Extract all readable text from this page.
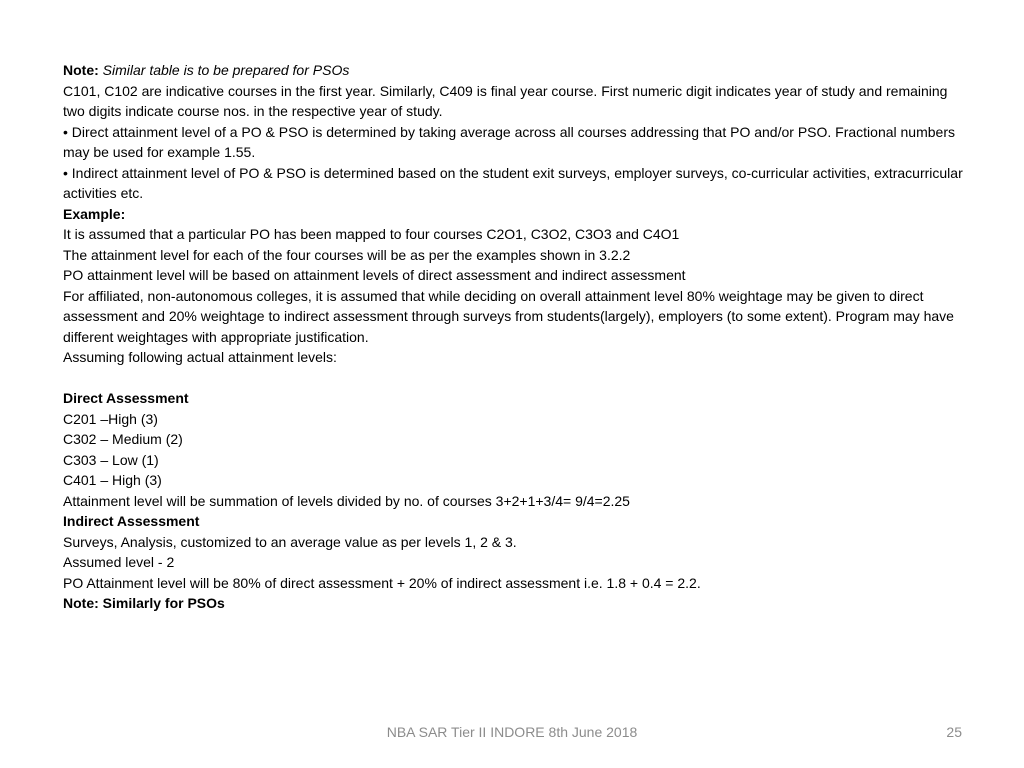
Note: Similar table is to be prepared for PSOs
C101, C102 are indicative courses in the first year. Similarly, C409 is final year course. First numeric digit indicates year of study and remaining two digits indicate course nos. in the respective year of study.
• Direct attainment level of a PO & PSO is determined by taking average across all courses addressing that PO and/or PSO. Fractional numbers may be used for example 1.55.
• Indirect attainment level of PO & PSO is determined based on the student exit surveys, employer surveys, co-curricular activities, extracurricular activities etc.
Example:
It is assumed that a particular PO has been mapped to four courses C2O1, C3O2, C3O3 and C4O1
The attainment level for each of the four courses will be as per the examples shown in 3.2.2
PO attainment level will be based on attainment levels of direct assessment and indirect assessment
For affiliated, non-autonomous colleges, it is assumed that while deciding on overall attainment level 80% weightage may be given to direct assessment and 20% weightage to indirect assessment through surveys from students(largely), employers (to some extent). Program may have different weightages with appropriate justification.
Assuming following actual attainment levels:
Direct Assessment
C201 –High (3)
C302 – Medium (2)
C303 – Low (1)
C401 – High (3)
Attainment level will be summation of levels divided by no. of courses 3+2+1+3/4= 9/4=2.25
Indirect Assessment
Surveys, Analysis, customized to an average value as per levels 1, 2 & 3.
Assumed level - 2
PO Attainment level will be 80% of direct assessment + 20% of indirect assessment i.e. 1.8 + 0.4 = 2.2.
Note: Similarly for PSOs
NBA SAR Tier II INDORE 8th June 2018	25
